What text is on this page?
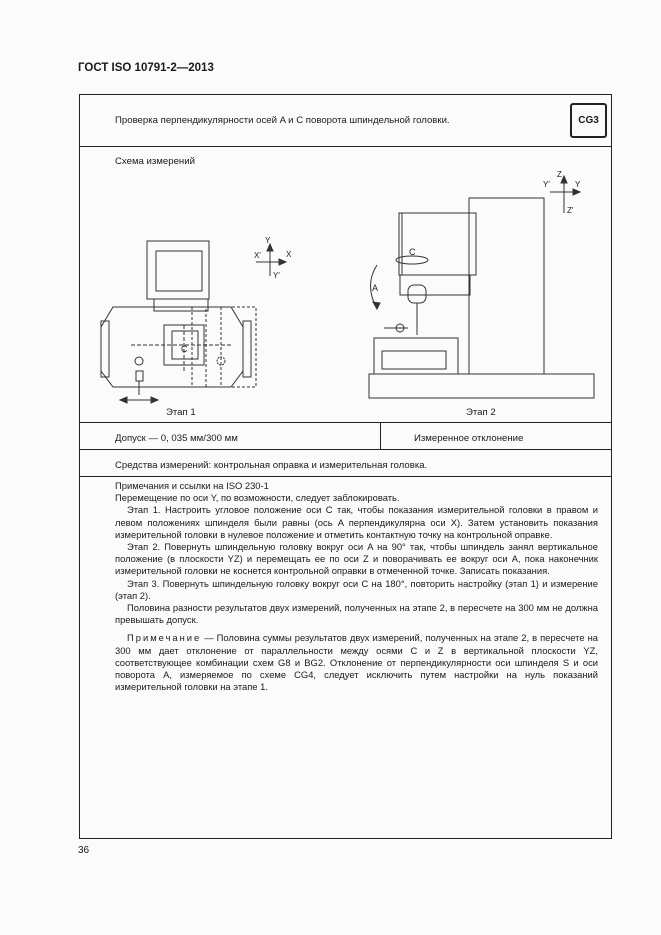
ГОСТ ISO 10791-2—2013
Проверка перпендикулярности осей A и C поворота шпиндельной головки.	CG3
Схема измерений
C
C
A
Y
X
X'
Y'
Z
Y
Y'
Z'
Этап 1	Этап 2
Допуск — 0, 035 мм/300 мм	Измеренное отклонение
Средства измерений: контрольная оправка и измерительная головка.

Примечания и ссылки на ISO 230-1

Перемещение по оси Y, по возможности, следует заблокировать.

Этап 1. Настроить угловое положение оси C так, чтобы показания измерительной головки в правом и левом положениях шпинделя были равны (ось A перпендикулярна оси X). Затем установить показания измерительной головки в нулевое положение и отметить контактную точку на контрольной оправке.

Этап 2. Повернуть шпиндельную головку вокруг оси A на 90° так, чтобы шпиндель занял вертикальное положение (в плоскости YZ) и перемещать ее по оси Z и поворачивать ее вокруг оси A, пока наконечник измерительной головки не коснется контрольной оправки в отмеченной точке. Записать показания.

Этап 3. Повернуть шпиндельную головку вокруг оси C на 180°, повторить настройку (этап 1) и измерение (этап 2).

Половина разности результатов двух измерений, полученных на этапе 2, в пересчете на 300 мм не должна превышать допуск.

Примечание — Половина суммы результатов двух измерений, полученных на этапе 2, в пересчете на 300 мм дает отклонение от параллельности между осями C и Z в вертикальной плоскости YZ, соответствующее комбинации схем G8 и BG2. Отклонение от перпендикулярности оси шпинделя S и оси поворота A, измеряемое по схеме CG4, следует исключить путем настройки на нуль показаний измерительной головки на этапе 1.

36
